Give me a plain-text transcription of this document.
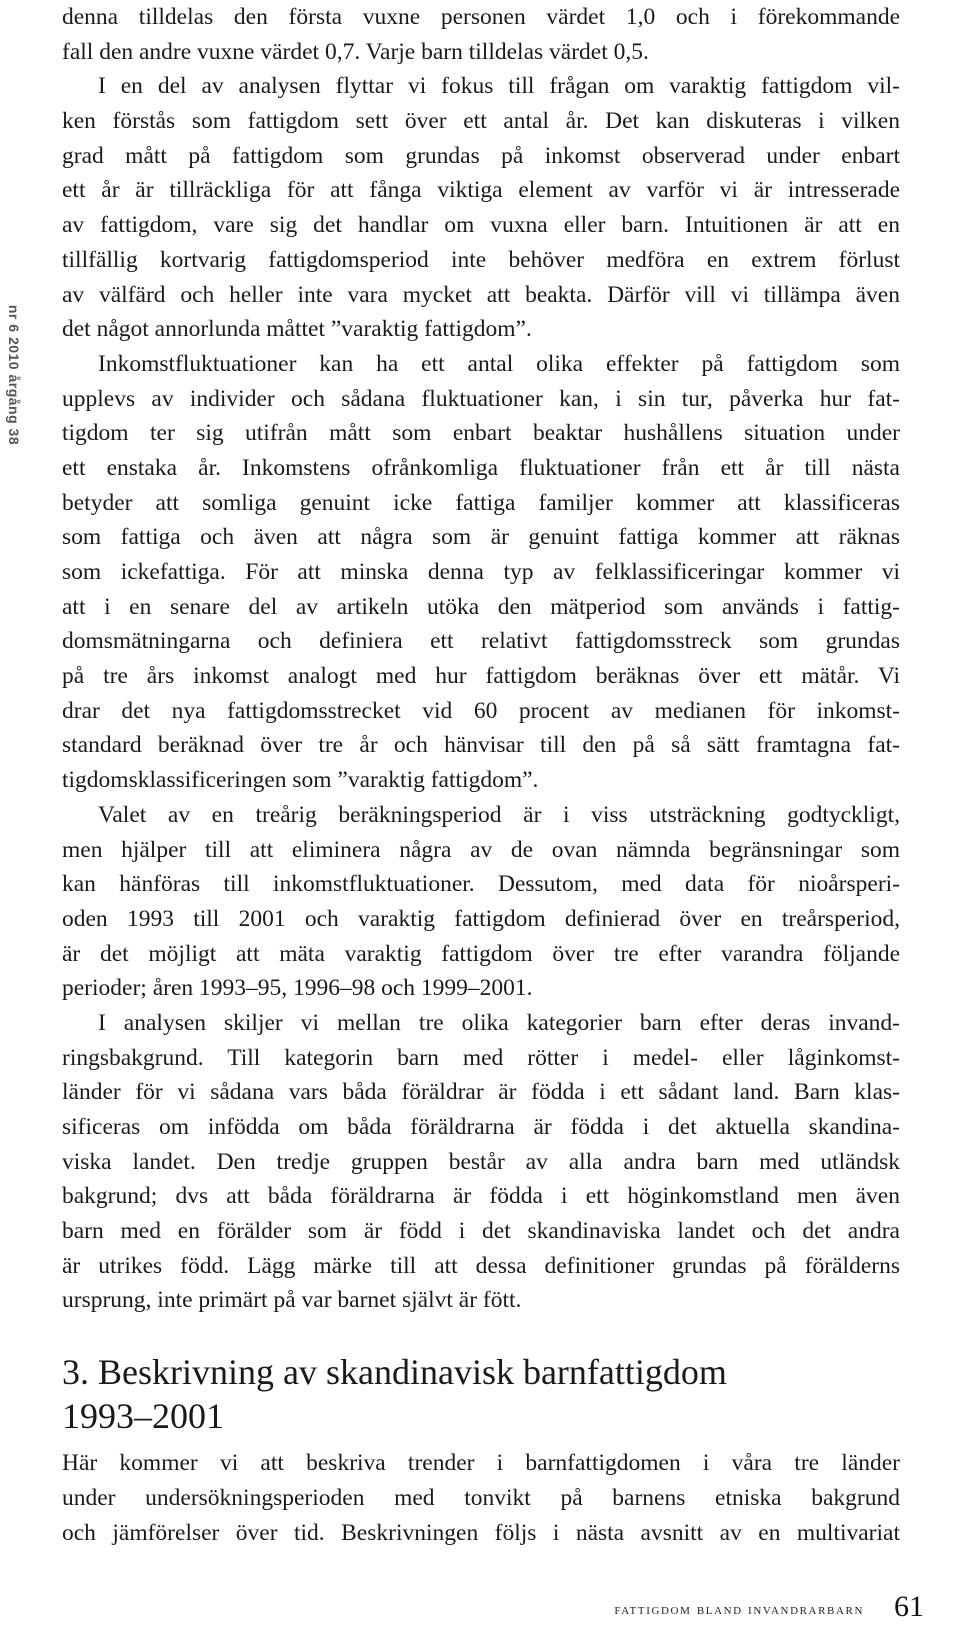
nr 6 2010 årgång 38
denna tilldelas den första vuxne personen värdet 1,0 och i förekommande
fall den andre vuxne värdet 0,7. Varje barn tilldelas värdet 0,5.
I en del av analysen flyttar vi fokus till frågan om varaktig fattigdom vil-
ken förstås som fattigdom sett över ett antal år. Det kan diskuteras i vilken
grad mått på fattigdom som grundas på inkomst observerad under enbart
ett år är tillräckliga för att fånga viktiga element av varför vi är intresserade
av fattigdom, vare sig det handlar om vuxna eller barn. Intuitionen är att en
tillfällig kortvarig fattigdomsperiod inte behöver medföra en extrem förlust
av välfärd och heller inte vara mycket att beakta. Därför vill vi tillämpa även
det något annorlunda måttet ”varaktig fattigdom”.
Inkomstfluktuationer kan ha ett antal olika effekter på fattigdom som
upplevs av individer och sådana fluktuationer kan, i sin tur, påverka hur fat-
tigdom ter sig utifrån mått som enbart beaktar hushållens situation under
ett enstaka år. Inkomstens ofrånkomliga fluktuationer från ett år till nästa
betyder att somliga genuint icke fattiga familjer kommer att klassificeras
som fattiga och även att några som är genuint fattiga kommer att räknas
som ickefattiga. För att minska denna typ av felklassificeringar kommer vi
att i en senare del av artikeln utöka den mätperiod som används i fattig-
domsmätningarna och definiera ett relativt fattigdomsstreck som grundas
på tre års inkomst analogt med hur fattigdom beräknas över ett mätår. Vi
drar det nya fattigdomsstrecket vid 60 procent av medianen för inkomst-
standard beräknad över tre år och hänvisar till den på så sätt framtagna fat-
tigdomsklassificeringen som ”varaktig fattigdom”.
Valet av en treårig beräkningsperiod är i viss utsträckning godtyckligt,
men hjälper till att eliminera några av de ovan nämnda begränsningar som
kan hänföras till inkomstfluktuationer. Dessutom, med data för nioårsperi-
oden 1993 till 2001 och varaktig fattigdom definierad över en treårsperiod,
är det möjligt att mäta varaktig fattigdom över tre efter varandra följande
perioder; åren 1993–95, 1996–98 och 1999–2001.
I analysen skiljer vi mellan tre olika kategorier barn efter deras invand-
ringsbakgrund. Till kategorin barn med rötter i medel- eller låginkomst-
länder för vi sådana vars båda föräldrar är födda i ett sådant land. Barn klas-
sificeras om infödda om båda föräldrarna är födda i det aktuella skandina-
viska landet. Den tredje gruppen består av alla andra barn med utländsk
bakgrund; dvs att båda föräldrarna är födda i ett höginkomstland men även
barn med en förälder som är född i det skandinaviska landet och det andra
är utrikes född. Lägg märke till att dessa definitioner grundas på förälderns
ursprung, inte primärt på var barnet självt är fött.
3. Beskrivning av skandinavisk barnfattigdom
1993–2001
Här kommer vi att beskriva trender i barnfattigdomen i våra tre länder
under undersökningsperioden med tonvikt på barnens etniska bakgrund
och jämförelser över tid. Beskrivningen följs i nästa avsnitt av en multivariat
fattigdom bland invandrarbarn 61
